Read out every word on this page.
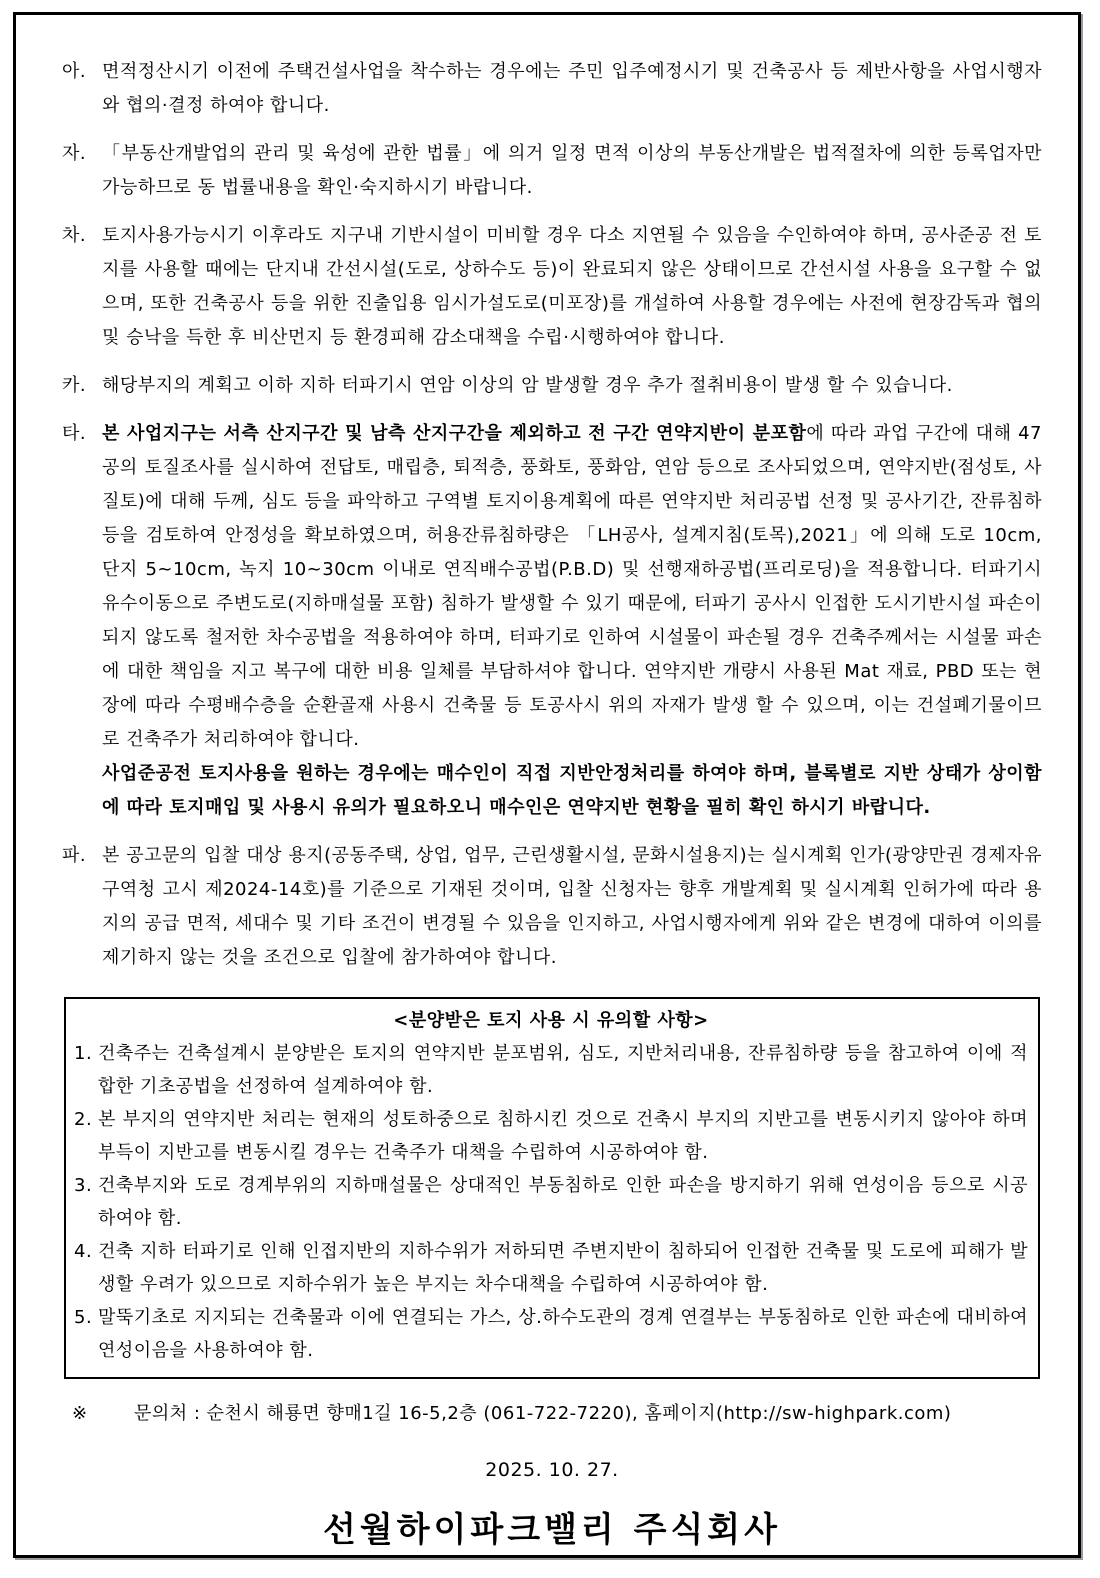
아. 면적정산시기 이전에 주택건설사업을 착수하는 경우에는 주민 입주예정시기 및 건축공사 등 제반사항을 사업시행자와 협의·결정 하여야 합니다.
자. 「부동산개발업의 관리 및 육성에 관한 법률」에 의거 일정 면적 이상의 부동산개발은 법적절차에 의한 등록업자만 가능하므로 동 법률내용을 확인·숙지하시기 바랍니다.
차. 토지사용가능시기 이후라도 지구내 기반시설이 미비할 경우 다소 지연될 수 있음을 수인하여야 하며, 공사준공 전 토지를 사용할 때에는 단지내 간선시설(도로, 상하수도 등)이 완료되지 않은 상태이므로 간선시설 사용을 요구할 수 없으며, 또한 건축공사 등을 위한 진출입용 임시가설도로(미포장)를 개설하여 사용할 경우에는 사전에 현장감독과 협의 및 승낙을 득한 후 비산먼지 등 환경피해 감소대책을 수립·시행하여야 합니다.
카. 해당부지의 계획고 이하 지하 터파기시 연암 이상의 암 발생할 경우 추가 절취비용이 발생 할 수 있습니다.
타. 본 사업지구는 서측 산지구간 및 남측 산지구간을 제외하고 전 구간 연약지반이 분포함에 따라 과업 구간에 대해 47공의 토질조사를 실시하여 전답토, 매립층, 퇴적층, 풍화토, 풍화암, 연암 등으로 조사되었으며, 연약지반(점성토, 사질토)에 대해 두께, 심도 등을 파악하고 구역별 토지이용계획에 따른 연약지반 처리공법 선정 및 공사기간, 잔류침하 등을 검토하여 안정성을 확보하였으며, 허용잔류침하량은 「LH공사, 설계지침(토목),2021」에 의해 도로 10cm, 단지 5~10cm, 녹지 10~30cm 이내로 연직배수공법(P.B.D) 및 선행재하공법(프리로딩)을 적용합니다. 터파기시 유수이동으로 주변도로(지하매설물 포함) 침하가 발생할 수 있기 때문에, 터파기 공사시 인접한 도시기반시설 파손이 되지 않도록 철저한 차수공법을 적용하여야 하며, 터파기로 인하여 시설물이 파손될 경우 건축주께서는 시설물 파손에 대한 책임을 지고 복구에 대한 비용 일체를 부담하셔야 합니다. 연약지반 개량시 사용된 Mat 재료, PBD 또는 현장에 따라 수평배수층을 순환골재 사용시 건축물 등 토공사시 위의 자재가 발생 할 수 있으며, 이는 건설폐기물이므로 건축주가 처리하여야 합니다.
사업준공전 토지사용을 원하는 경우에는 매수인이 직접 지반안정처리를 하여야 하며, 블록별로 지반 상태가 상이함에 따라 토지매입 및 사용시 유의가 필요하오니 매수인은 연약지반 현황을 필히 확인 하시기 바랍니다.
파. 본 공고문의 입찰 대상 용지(공동주택, 상업, 업무, 근린생활시설, 문화시설용지)는 실시계획 인가(광양만권 경제자유구역청 고시 제2024-14호)를 기준으로 기재된 것이며, 입찰 신청자는 향후 개발계획 및 실시계획 인허가에 따라 용지의 공급 면적, 세대수 및 기타 조건이 변경될 수 있음을 인지하고, 사업시행자에게 위와 같은 변경에 대하여 이의를 제기하지 않는 것을 조건으로 입찰에 참가하여야 합니다.
<분양받은 토지 사용 시 유의할 사항>
1. 건축주는 건축설계시 분양받은 토지의 연약지반 분포범위, 심도, 지반처리내용, 잔류침하량 등을 참고하여 이에 적합한 기초공법을 선정하여 설계하여야 함.
2. 본 부지의 연약지반 처리는 현재의 성토하중으로 침하시킨 것으로 건축시 부지의 지반고를 변동시키지 않아야 하며 부득이 지반고를 변동시킬 경우는 건축주가 대책을 수립하여 시공하여야 함.
3. 건축부지와 도로 경계부위의 지하매설물은 상대적인 부동침하로 인한 파손을 방지하기 위해 연성이음 등으로 시공하여야 함.
4. 건축 지하 터파기로 인해 인접지반의 지하수위가 저하되면 주변지반이 침하되어 인접한 건축물 및 도로에 피해가 발생할 우려가 있으므로 지하수위가 높은 부지는 차수대책을 수립하여 시공하여야 함.
5. 말뚝기초로 지지되는 건축물과 이에 연결되는 가스, 상.하수도관의 경계 연결부는 부동침하로 인한 파손에 대비하여 연성이음을 사용하여야 함.
※	문의처 : 순천시 해룡면 향매1길 16-5,2층 (061-722-7220), 홈페이지(http://sw-highpark.com)
2025. 10. 27.
선월하이파크밸리 주식회사
